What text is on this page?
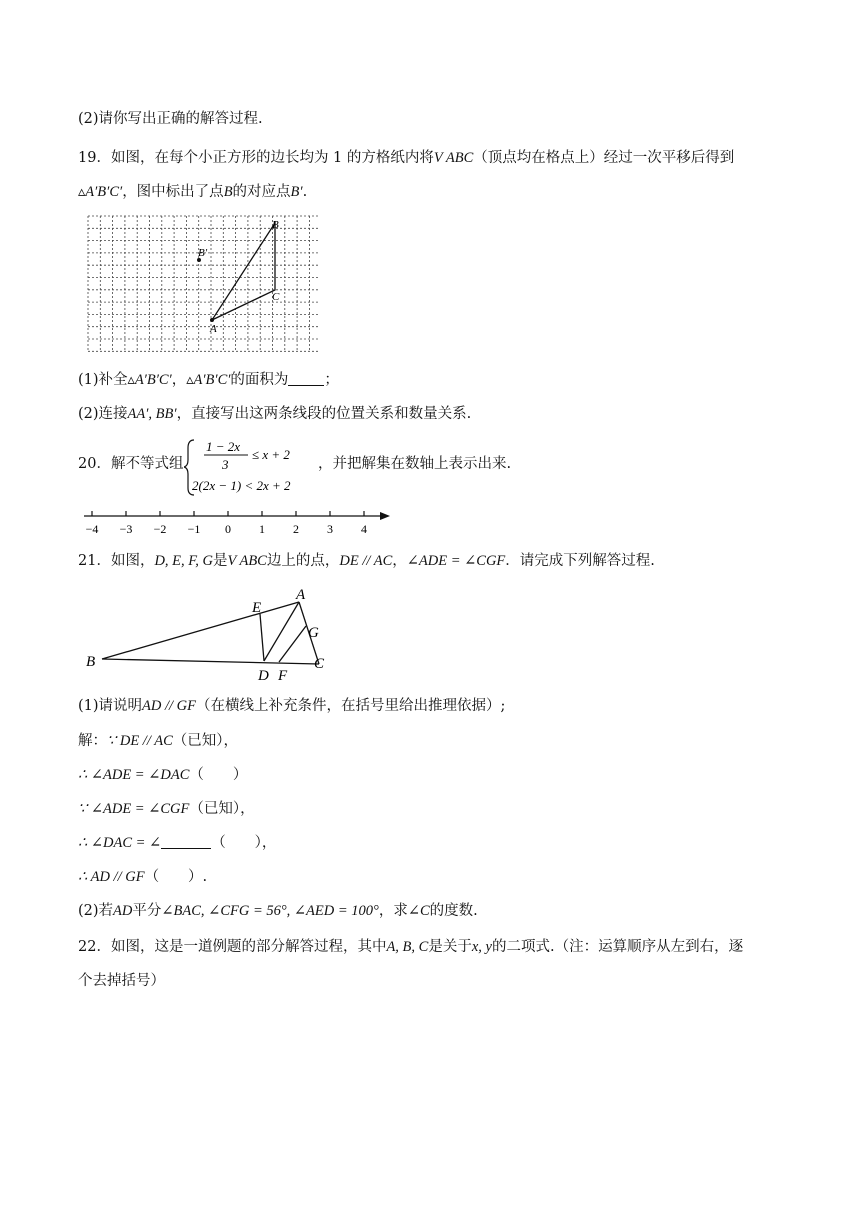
(2)请你写出正确的解答过程.
19．如图，在每个小正方形的边长均为 1 的方格纸内将V ABC（顶点均在格点上）经过一次平移后得到
▵A′B′C′，图中标出了点B的对应点B′.
B
B′
C
A
(1)补全▵A′B′C′，▵A′B′C′的面积为 ；
(2)连接AA′, BB′，直接写出这两条线段的位置关系和数量关系.
20．解不等式组
1 − 2x
3
≤ x + 2
2(2x − 1) < 2x + 2
，并把解集在数轴上表示出来.
−4 −3 −2 −1 0 1 2 3 4
21．如图，D, E, F, G是V ABC边上的点，DE // AC，∠ADE = ∠CGF．请完成下列解答过程.
E
A
G
B
D F
C
(1)请说明AD // GF（在横线上补充条件，在括号里给出推理依据）;
解：∵ DE // AC（已知），
∴ ∠ADE = ∠DAC（　　）
∵ ∠ADE = ∠CGF（已知），
∴ ∠DAC = ∠	（　　），
∴ AD // GF（　　）.
(2)若AD平分∠BAC, ∠CFG = 56°, ∠AED = 100°，求∠C的度数.
22．如图，这是一道例题的部分解答过程，其中A, B, C是关于x, y的二项式.（注：运算顺序从左到右，逐
个去掉括号）
